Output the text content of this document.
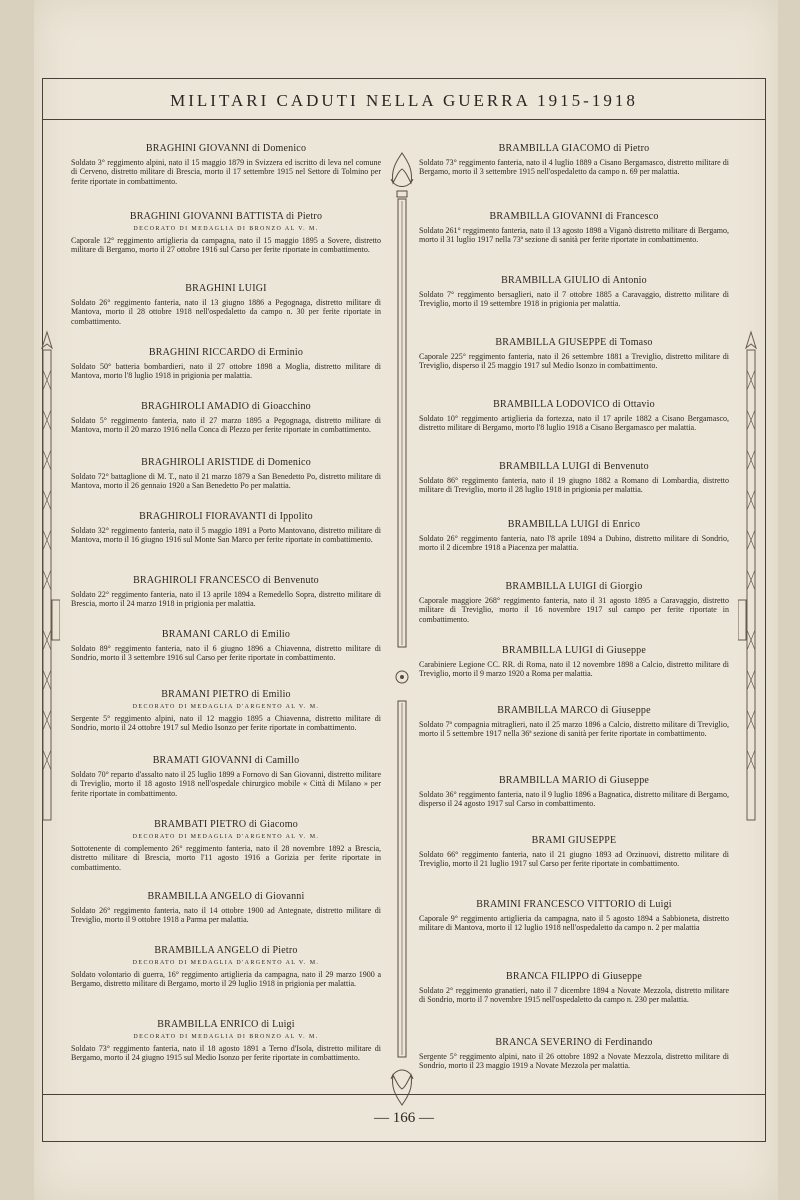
MILITARI CADUTI NELLA GUERRA 1915-1918
BRAGHINI GIOVANNI di Domenico
Soldato 3° reggimento alpini, nato il 15 maggio 1879 in Svizzera ed iscritto di leva nel comune di Cerveno, distretto militare di Brescia, morto il 17 settembre 1915 nel Settore di Tolmino per ferite riportate in combattimento.
BRAGHINI GIOVANNI BATTISTA di Pietro
DECORATO DI MEDAGLIA DI BRONZO AL V. M.
Caporale 12° reggimento artiglieria da campagna, nato il 15 maggio 1895 a Sovere, distretto militare di Bergamo, morto il 27 ottobre 1916 sul Carso per ferite riportate in combattimento.
BRAGHINI LUIGI
Soldato 26° reggimento fanteria, nato il 13 giugno 1886 a Pegognaga, distretto militare di Mantova, morto il 28 ottobre 1918 nell'ospedaletto da campo n. 30 per ferite riportate in combattimento.
BRAGHINI RICCARDO di Erminio
Soldato 50° batteria bombardieri, nato il 27 ottobre 1898 a Moglia, distretto militare di Mantova, morto l'8 luglio 1918 in prigionia per malattia.
BRAGHIROLI AMADIO di Gioacchino
Soldato 5° reggimento fanteria, nato il 27 marzo 1895 a Pegognaga, distretto militare di Mantova, morto il 20 marzo 1916 nella Conca di Plezzo per ferite riportate in combattimento.
BRAGHIROLI ARISTIDE di Domenico
Soldato 72° battaglione di M. T., nato il 21 marzo 1879 a San Benedetto Po, distretto militare di Mantova, morto il 26 gennaio 1920 a San Benedetto Po per malattia.
BRAGHIROLI FIORAVANTI di Ippolito
Soldato 32° reggimento fanteria, nato il 5 maggio 1891 a Porto Mantovano, distretto militare di Mantova, morto il 16 giugno 1916 sul Monte San Marco per ferite riportate in combattimento.
BRAGHIROLI FRANCESCO di Benvenuto
Soldato 22° reggimento fanteria, nato il 13 aprile 1894 a Remedello Sopra, distretto militare di Brescia, morto il 24 marzo 1918 in prigionia per malattia.
BRAMANI CARLO di Emilio
Soldato 89° reggimento fanteria, nato il 6 giugno 1896 a Chiavenna, distretto militare di Sondrio, morto il 3 settembre 1916 sul Carso per ferite riportate in combattimento.
BRAMANI PIETRO di Emilio
DECORATO DI MEDAGLIA D'ARGENTO AL V. M.
Sergente 5° reggimento alpini, nato il 12 maggio 1895 a Chiavenna, distretto militare di Sondrio, morto il 24 ottobre 1917 sul Medio Isonzo per ferite riportate in combattimento.
BRAMATI GIOVANNI di Camillo
Soldato 70° reparto d'assalto nato il 25 luglio 1899 a Fornovo di San Giovanni, distretto militare di Treviglio, morto il 18 agosto 1918 nell'ospedale chirurgico mobile « Città di Milano » per ferite riportate in combattimento.
BRAMBATI PIETRO di Giacomo
DECORATO DI MEDAGLIA D'ARGENTO AL V. M.
Sottotenente di complemento 26° reggimento fanteria, nato il 28 novembre 1892 a Brescia, distretto militare di Brescia, morto l'11 agosto 1916 a Gorizia per ferite riportate in combattimento.
BRAMBILLA ANGELO di Giovanni
Soldato 26° reggimento fanteria, nato il 14 ottobre 1900 ad Antegnate, distretto militare di Treviglio, morto il 9 ottobre 1918 a Parma per malattia.
BRAMBILLA ANGELO di Pietro
DECORATO DI MEDAGLIA D'ARGENTO AL V. M.
Soldato volontario di guerra, 16° reggimento artiglieria da campagna, nato il 29 marzo 1900 a Bergamo, distretto militare di Bergamo, morto il 29 luglio 1918 in prigionia per malattia.
BRAMBILLA ENRICO di Luigi
DECORATO DI MEDAGLIA DI BRONZO AL V. M.
Soldato 73° reggimento fanteria, nato il 18 agosto 1891 a Terno d'Isola, distretto militare di Bergamo, morto il 24 giugno 1915 sul Medio Isonzo per ferite riportate in combattimento.
BRAMBILLA GIACOMO di Pietro
Soldato 73° reggimento fanteria, nato il 4 luglio 1889 a Cisano Bergamasco, distretto militare di Bergamo, morto il 3 settembre 1915 nell'ospedaletto da campo n. 69 per malattia.
BRAMBILLA GIOVANNI di Francesco
Soldato 261° reggimento fanteria, nato il 13 agosto 1898 a Viganò distretto militare di Bergamo, morto il 31 luglio 1917 nella 73ª sezione di sanità per ferite riportate in combattimento.
BRAMBILLA GIULIO di Antonio
Soldato 7° reggimento bersaglieri, nato il 7 ottobre 1885 a Caravaggio, distretto militare di Treviglio, morto il 19 settembre 1918 in prigionia per malattia.
BRAMBILLA GIUSEPPE di Tomaso
Caporale 225° reggimento fanteria, nato il 26 settembre 1881 a Treviglio, distretto militare di Treviglio, disperso il 25 maggio 1917 sul Medio Isonzo in combattimento.
BRAMBILLA LODOVICO di Ottavio
Soldato 10° reggimento artiglieria da fortezza, nato il 17 aprile 1882 a Cisano Bergamasco, distretto militare di Bergamo, morto l'8 luglio 1918 a Cisano Bergamasco per malattia.
BRAMBILLA LUIGI di Benvenuto
Soldato 86° reggimento fanteria, nato il 19 giugno 1882 a Romano di Lombardia, distretto militare di Treviglio, morto il 28 luglio 1918 in prigionia per malattia.
BRAMBILLA LUIGI di Enrico
Soldato 26° reggimento fanteria, nato l'8 aprile 1894 a Dubino, distretto militare di Sondrio, morto il 2 dicembre 1918 a Piacenza per malattia.
BRAMBILLA LUIGI di Giorgio
Caporale maggiore 268° reggimento fanteria, nato il 31 agosto 1895 a Caravaggio, distretto militare di Treviglio, morto il 16 novembre 1917 sul campo per ferite riportate in combattimento.
BRAMBILLA LUIGI di Giuseppe
Carabiniere Legione CC. RR. di Roma, nato il 12 novembre 1898 a Calcio, distretto militare di Treviglio, morto il 9 marzo 1920 a Roma per malattia.
BRAMBILLA MARCO di Giuseppe
Soldato 7ª compagnia mitraglieri, nato il 25 marzo 1896 a Calcio, distretto militare di Treviglio, morto il 5 settembre 1917 nella 36ª sezione di sanità per ferite riportate in combattimento.
BRAMBILLA MARIO di Giuseppe
Soldato 36° reggimento fanteria, nato il 9 luglio 1896 a Bagnatica, distretto militare di Bergamo, disperso il 24 agosto 1917 sul Carso in combattimento.
BRAMI GIUSEPPE
Soldato 66° reggimento fanteria, nato il 21 giugno 1893 ad Orzinuovi, distretto militare di Treviglio, morto il 21 luglio 1917 sul Carso per ferite riportate in combattimento.
BRAMINI FRANCESCO VITTORIO di Luigi
Caporale 9° reggimento artiglieria da campagna, nato il 5 agosto 1894 a Sabbioneta, distretto militare di Mantova, morto il 12 luglio 1918 nell'ospedaletto da campo n. 2 per malattia
BRANCA FILIPPO di Giuseppe
Soldato 2° reggimento granatieri, nato il 7 dicembre 1894 a Novate Mezzola, distretto militare di Sondrio, morto il 7 novembre 1915 nell'ospedaletto da campo n. 230 per malattia.
BRANCA SEVERINO di Ferdinando
Sergente 5° reggimento alpini, nato il 26 ottobre 1892 a Novate Mezzola, distretto militare di Sondrio, morto il 23 maggio 1919 a Novate Mezzola per malattia.
— 166 —
